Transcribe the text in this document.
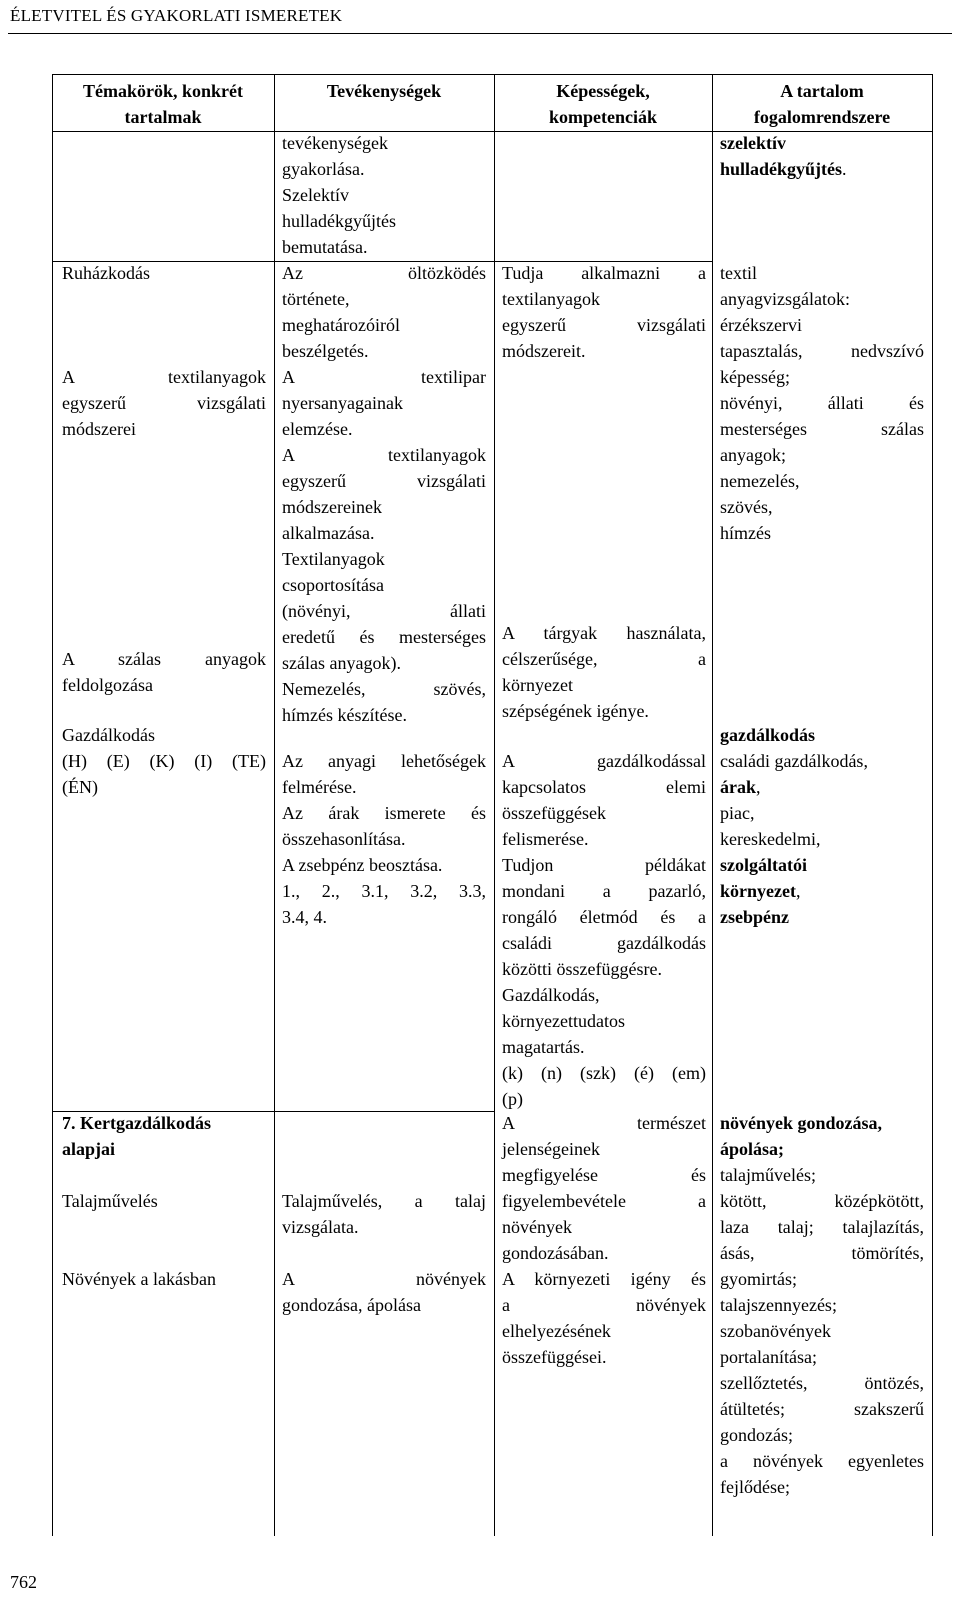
ÉLETVITEL ÉS GYAKORLATI ISMERETEK
Témakörök, konkrét
tartalmak
Tevékenységek	Képességek,
kompetenciák
A tartalom
fogalomrendszere
Ruházkodás
A textilanyagok
egyszerű vizsgálati
módszerei
A szálas anyagok
feldolgozása
Gazdálkodás
(H) (E) (K) (I) (TE)
(ÉN)
7. Kertgazdálkodás
alapjai
Talajművelés
Növények a lakásban
tevékenységek
gyakorlása.
Szelektív
hulladékgyűjtés
bemutatása.
Az öltözködés
története,
meghatározóiról
beszélgetés.
A textilipar
nyersanyagainak
elemzése.
A textilanyagok
egyszerű vizsgálati
módszereinek
alkalmazása.
Textilanyagok
csoportosítása
(növényi, állati
eredetű és mesterséges
szálas anyagok).
Nemezelés, szövés,
hímzés készítése.
Az anyagi lehetőségek
felmérése.
Az árak ismerete és
összehasonlítása.
A zsebpénz beosztása.
1., 2., 3.1, 3.2, 3.3,
3.4, 4.
Talajművelés, a talaj
vizsgálata.
A növények
gondozása, ápolása
Tudja alkalmazni a
textilanyagok
egyszerű vizsgálati
módszereit.
A tárgyak használata,
célszerűsége, a
környezet
szépségének igénye.
A gazdálkodással
kapcsolatos elemi
összefüggések
felismerése.
Tudjon példákat
mondani a pazarló,
rongáló életmód és a
családi gazdálkodás
közötti összefüggésre.
Gazdálkodás,
környezettudatos
magatartás.
(k) (n) (szk) (é) (em)
(p)
A természet
jelenségeinek
megfigyelése és
figyelembevétele a
növények
gondozásában.
A környezeti igény és
a növények
elhelyezésének
összefüggései.
szelektív
hulladékgyűjtés.
textil
anyagvizsgálatok:
érzékszervi
tapasztalás, nedvszívó
képesség;
növényi, állati és
mesterséges szálas
anyagok;
nemezelés,
szövés,
hímzés
gazdálkodás
családi gazdálkodás,
árak,
piac,
kereskedelmi,
szolgáltatói
környezet,
zsebpénz
növények gondozása,
ápolása;
talajművelés;
kötött, középkötött,
laza talaj; talajlazítás,
ásás, tömörítés,
gyomirtás;
talajszennyezés;
szobanövények
portalanítása;
szellőztetés, öntözés,
átültetés; szakszerű
gondozás;
a növények egyenletes
fejlődése;
762
